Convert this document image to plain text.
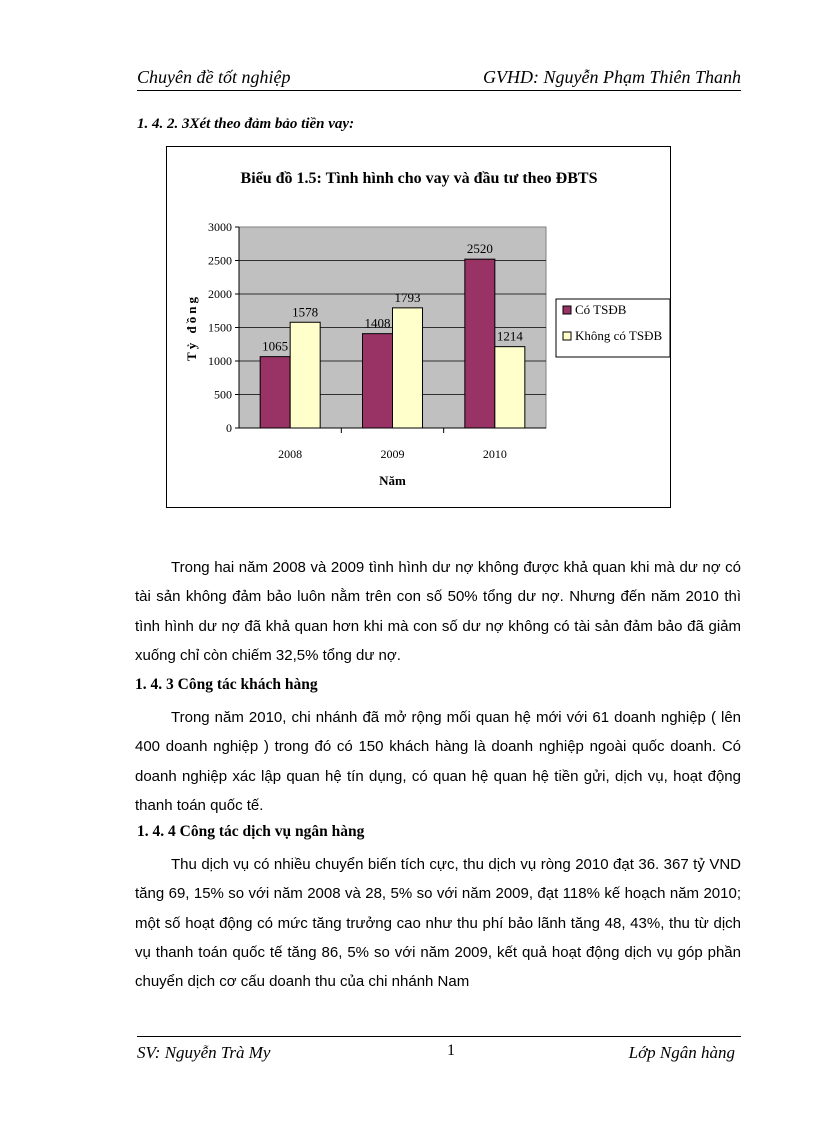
Chuyên đề tốt nghiệp	GVHD: Nguyễn Phạm Thiên Thanh
1. 4. 2. 3Xét theo đảm bảo tiền vay:
Biểu đồ 1.5: Tình hình cho vay và đầu tư theo ĐBTS
0
500
1000
1500
2000
2500
3000
1065
1578
2008
1408
1793
2009
2520
1214
2010
Năm
Tỷ đồng	Có TSĐB
Không có TSĐB

Trong hai năm 2008 và 2009 tình hình dư nợ không được khả quan khi mà dư nợ có tài sản không đảm bảo luôn nằm trên con số 50% tổng dư nợ. Nhưng đến năm 2010 thì tình hình dư nợ đã khả quan hơn khi mà con số dư nợ không có tài sản đảm bảo đã giảm xuống chỉ còn chiếm 32,5% tổng dư nợ.

1. 4. 3 Công tác khách hàng

Trong năm 2010, chi nhánh đã mở rộng mối quan hệ mới với 61 doanh nghiệp ( lên 400 doanh nghiệp ) trong đó có 150 khách hàng là doanh nghiệp ngoài quốc doanh. Có doanh nghiệp xác lập quan hệ tín dụng, có quan hệ quan hệ tiền gửi, dịch vụ, hoạt động thanh toán quốc tế.

1. 4. 4 Công tác dịch vụ ngân hàng

Thu dịch vụ có nhiều chuyển biến tích cực, thu dịch vụ ròng 2010 đạt 36. 367 tỷ VND tăng 69, 15% so với năm 2008 và 28, 5% so với năm 2009, đạt 118% kế hoạch năm 2010; một số hoạt động có mức tăng trưởng cao như thu phí bảo lãnh tăng 48, 43%, thu từ dịch vụ thanh toán quốc tế tăng 86, 5% so với năm 2009, kết quả hoạt động dịch vụ góp phần chuyển dịch cơ cấu doanh thu của chi nhánh Nam

SV: Nguyễn Trà My	1	Lớp Ngân hàng
